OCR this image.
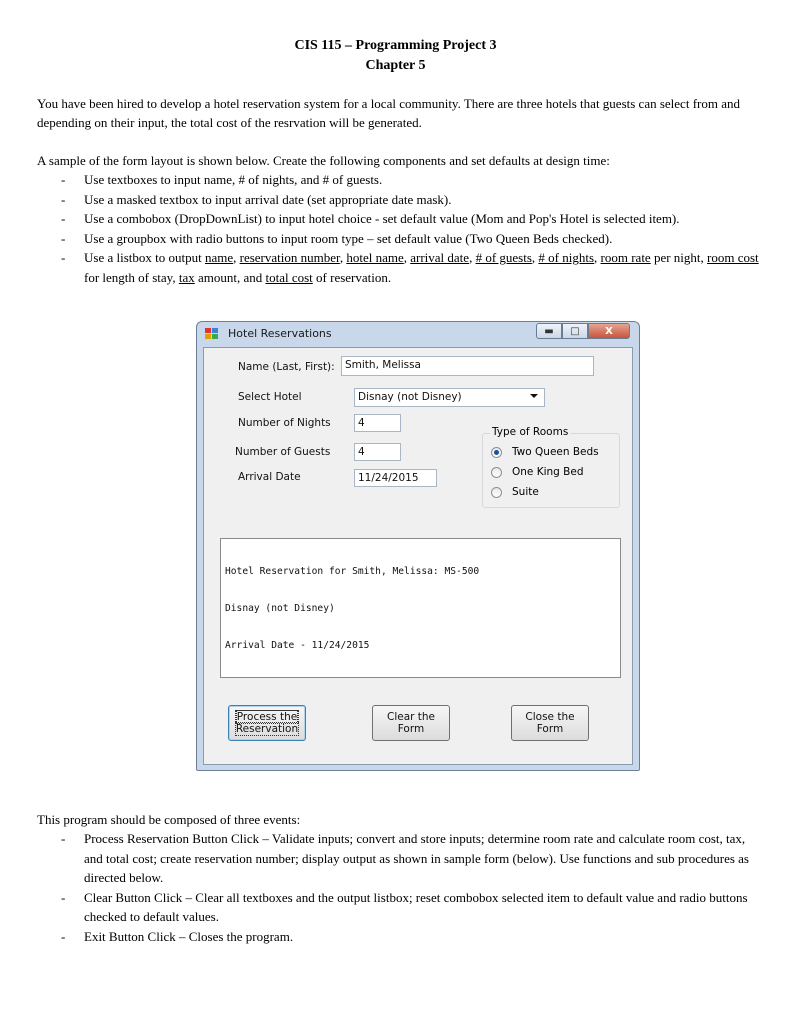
CIS 115 – Programming Project 3
Chapter 5
You have been hired to develop a hotel reservation system for a local community. There are three hotels that guests can select from and depending on their input, the total cost of the resrvation will be generated.
A sample of the form layout is shown below. Create the following components and set defaults at design time:
- Use textboxes to input name, # of nights, and # of guests.
- Use a masked textbox to input arrival date (set appropriate date mask).
- Use a combobox (DropDownList) to input hotel choice - set default value (Mom and Pop's Hotel is selected item).
- Use a groupbox with radio buttons to input room type – set default value (Two Queen Beds checked).
- Use a listbox to output name, reservation number, hotel name, arrival date, # of guests, # of nights, room rate per night, room cost for length of stay, tax amount, and total cost of reservation.
Hotel Reservations	▬ □	X
Name (Last, First): Smith, Melissa
Select Hotel	Disnay (not Disney)
Number of Nights	4
Number of Guests	4
Arrival Date	11/24/2015
Type of Rooms
Two Queen Beds
One King Bed
Suite

Hotel Reservation for Smith, Melissa: MS-500

Disnay (not Disney)

Arrival Date - 11/24/2015

Process the
Reservation
Clear the
Form
Close the
Form
This program should be composed of three events:
- Process Reservation Button Click – Validate inputs; convert and store inputs; determine room rate and calculate room cost, tax, and total cost; create reservation number; display output as shown in sample form (below). Use functions and sub procedures as directed below.
- Clear Button Click – Clear all textboxes and the output listbox; reset combobox selected item to default value and radio buttons checked to default values.
- Exit Button Click – Closes the program.
